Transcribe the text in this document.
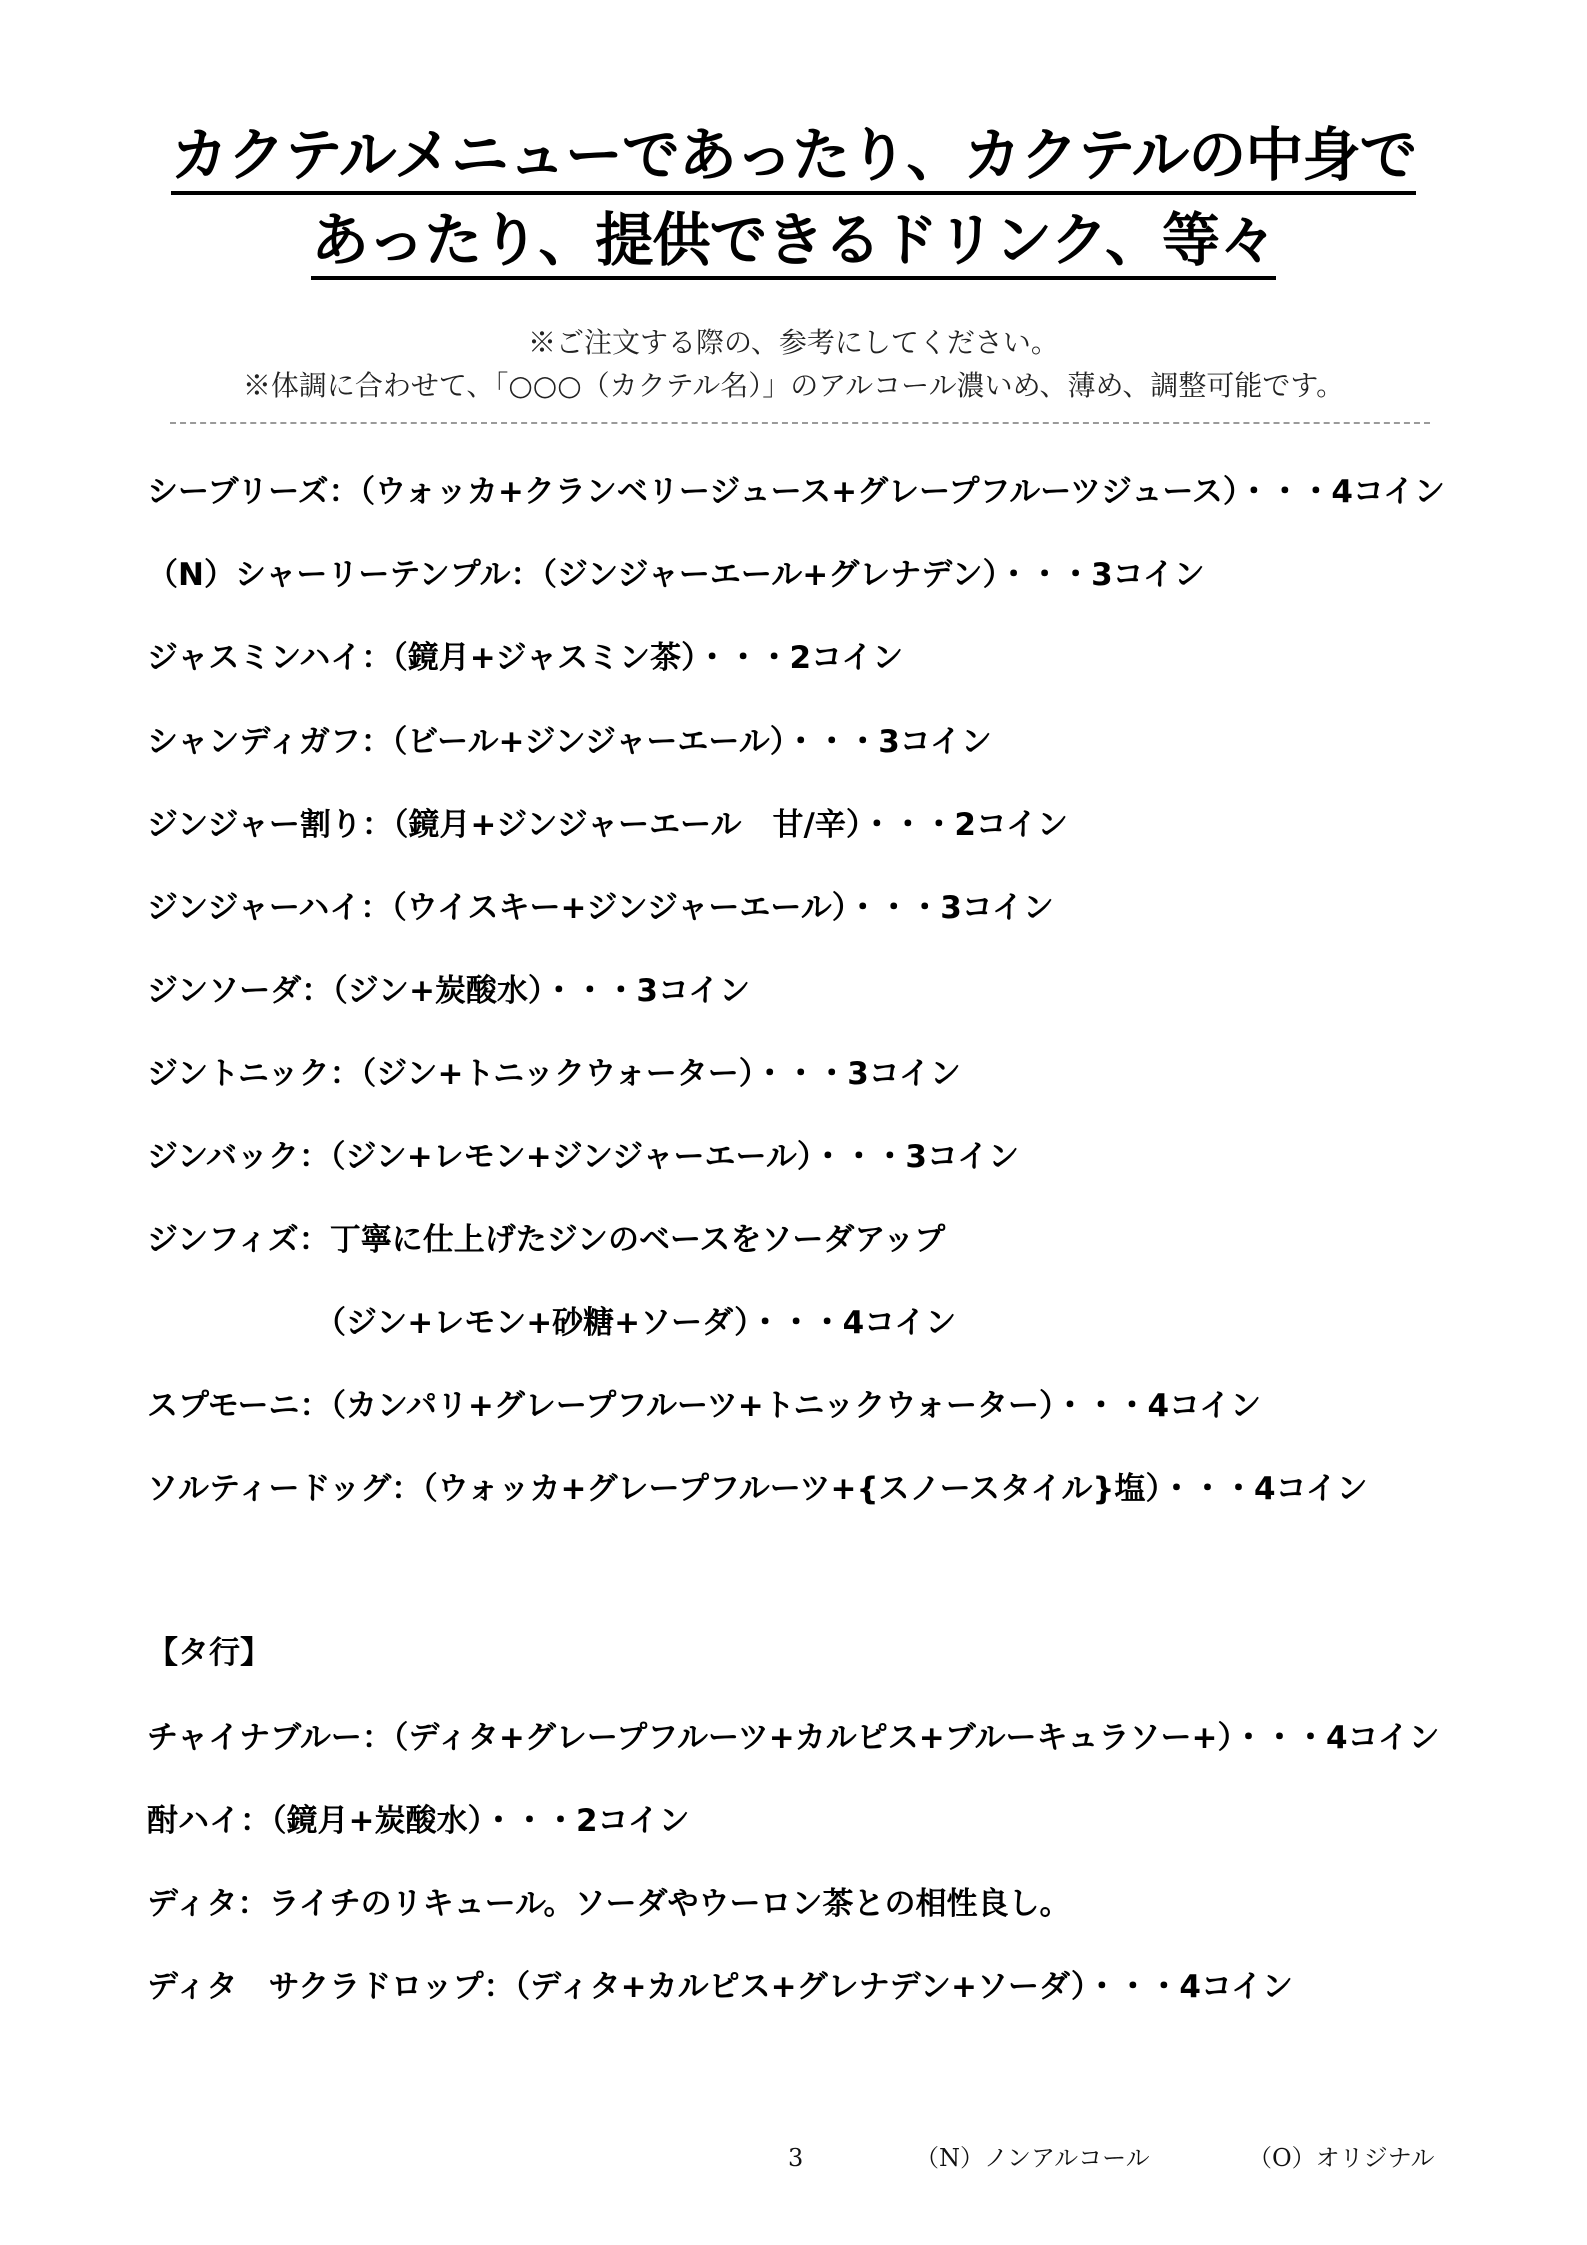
カクテルメニューであったり、カクテルの中身で
あったり、提供できるドリンク、等々
※ご注文する際の、参考にしてください。
※体調に合わせて、「○○○（カクテル名）」のアルコール濃いめ、薄め、調整可能です。
シーブリーズ：（ウォッカ+クランベリージュース+グレープフルーツジュース）・・・4コイン
（N）シャーリーテンプル：（ジンジャーエール+グレナデン）・・・3コイン
ジャスミンハイ：（鏡月+ジャスミン茶）・・・2コイン
シャンディガフ：（ビール+ジンジャーエール）・・・3コイン
ジンジャー割り：（鏡月+ジンジャーエール　甘/辛）・・・2コイン
ジンジャーハイ：（ウイスキー+ジンジャーエール）・・・3コイン
ジンソーダ：（ジン+炭酸水）・・・3コイン
ジントニック：（ジン+トニックウォーター）・・・3コイン
ジンバック：（ジン+レモン+ジンジャーエール）・・・3コイン
ジンフィズ：丁寧に仕上げたジンのベースをソーダアップ
（ジン+レモン+砂糖+ソーダ）・・・4コイン
スプモーニ：（カンパリ+グレープフルーツ+トニックウォーター）・・・4コイン
ソルティードッグ：（ウォッカ+グレープフルーツ+{スノースタイル}塩）・・・4コイン
【タ行】
チャイナブルー：（ディタ+グレープフルーツ+カルピス+ブルーキュラソー+）・・・4コイン
酎ハイ：（鏡月+炭酸水）・・・2コイン
ディタ：ライチのリキュール。ソーダやウーロン茶との相性良し。
ディタ　サクラドロップ：（ディタ+カルピス+グレナデン+ソーダ）・・・4コイン
3	（N）ノンアルコール	（O）オリジナル
